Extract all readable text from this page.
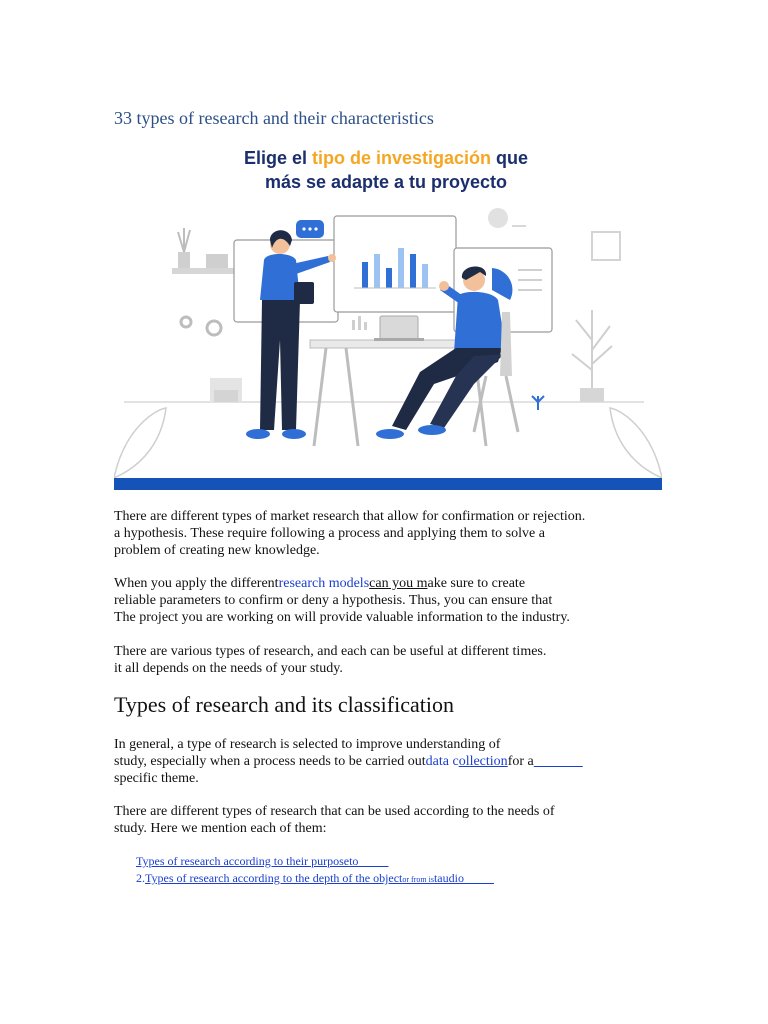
33 types of research and their characteristics
Elige el tipo de investigación que
más se adapte a tu proyecto

There are different types of market research that allow for confirmation or rejection.
a hypothesis. These require following a process and applying them to solve a
problem of creating new knowledge.

When you apply the differentresearch modelscan you make sure to create
reliable parameters to confirm or deny a hypothesis. Thus, you can ensure that
The project you are working on will provide valuable information to the industry.

There are various types of research, and each can be useful at different times.
it all depends on the needs of your study.

Types of research and its classification

In general, a type of research is selected to improve understanding of
study, especially when a process needs to be carried outdata collectionfor a​
specific theme.

There are different types of research that can be used according to the needs of
study. Here we mention each of them:

Types of research according to their purposeto
2.Types of research according to the depth of the objector from istaudio
